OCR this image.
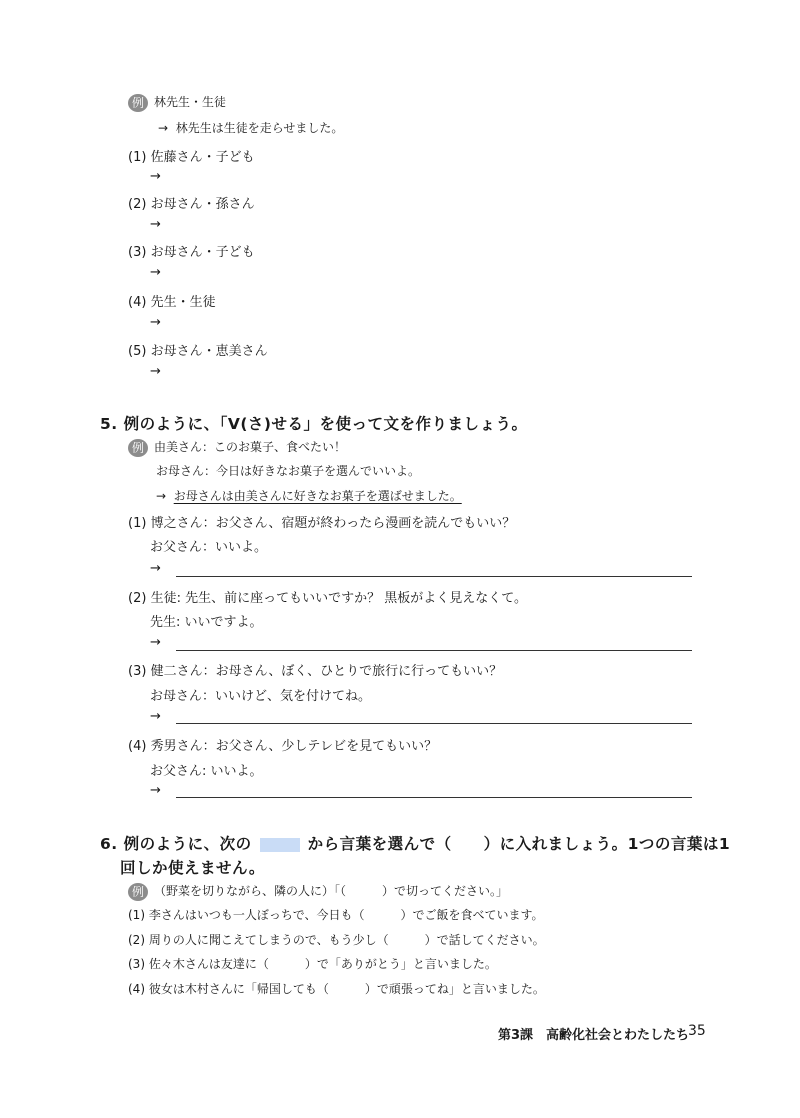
例 林先生・生徒
→ 林先生は生徒を走らせました。
(1) 佐藤さん・子ども
→
(2) お母さん・孫さん
→
(3) お母さん・子ども
→
(4) 先生・生徒
→
(5) お母さん・恵美さん
→
5. 例のように、「V(さ)せる」を使って文を作りましょう。
例 由美さん：このお菓子、食べたい！
お母さん：今日は好きなお菓子を選んでいいよ。
→ お母さんは由美さんに好きなお菓子を選ばせました。
(1) 博之さん：お父さん、宿題が終わったら漫画を読んでもいい？
お父さん：いいよ。
→
(2) 生徒: 先生、前に座ってもいいですか？ 黒板がよく見えなくて。
先生: いいですよ。
→
(3) 健二さん：お母さん、ぼく、ひとりで旅行に行ってもいい？
お母さん：いいけど、気を付けてね。
→
(4) 秀男さん：お父さん、少しテレビを見てもいい？
お父さん: いいよ。
→
6. 例のように、次の	から言葉を選んで（　　）に入れましょう。1つの言葉は1
回しか使えません。
例 （野菜を切りながら、隣の人に）「（　　　）で切ってください。」
(1) 李さんはいつも一人ぼっちで、今日も（　　　）でご飯を食べています。
(2) 周りの人に聞こえてしまうので、もう少し（　　　）で話してください。
(3) 佐々木さんは友達に（　　　）で「ありがとう」と言いました。
(4) 彼女は木村さんに「帰国しても（　　　）で頑張ってね」と言いました。
第3課　高齢化社会とわたしたち
35
